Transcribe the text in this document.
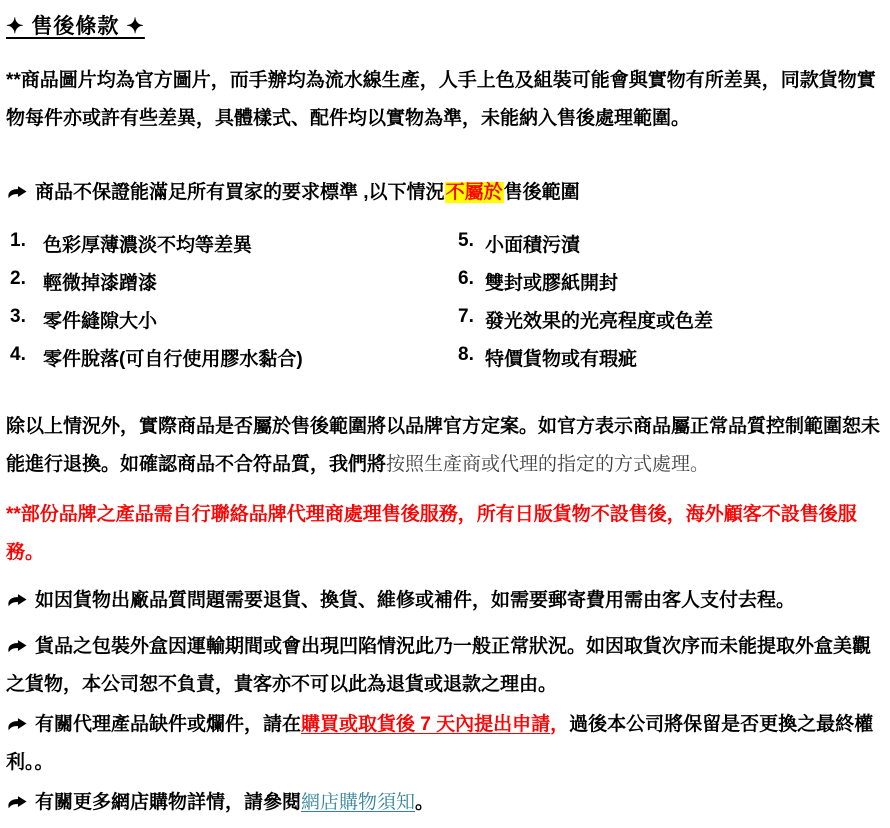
✦ 售後條款 ✦

**商品圖片均為官方圖片，而手辦均為流水線生產，人手上色及組裝可能會與實物有所差異，同款貨物實物每件亦或許有些差異，具體樣式、配件均以實物為準，未能納入售後處理範圍。

商品不保證能滿足所有買家的要求標準 ,以下情況不屬於售後範圍

1. 色彩厚薄濃淡不均等差異
2. 輕微掉漆蹭漆
3. 零件縫隙大小
4. 零件脫落(可自行使用膠水黏合)
5. 小面積污漬
6. 雙封或膠紙開封
7. 發光效果的光亮程度或色差
8. 特價貨物或有瑕疵

除以上情況外，實際商品是否屬於售後範圍將以品牌官方定案。如官方表示商品屬正常品質控制範圍恕未能進行退換。如確認商品不合符品質，我們將按照生產商或代理的指定的方式處理。

**部份品牌之產品需自行聯絡品牌代理商處理售後服務，所有日版貨物不設售後，海外顧客不設售後服務。

如因貨物出廠品質問題需要退貨、換貨、維修或補件，如需要郵寄費用需由客人支付去程。

貨品之包裝外盒因運輸期間或會出現凹陷情況此乃一般正常狀況。如因取貨次序而未能提取外盒美觀之貨物，本公司恕不負責，貴客亦不可以此為退貨或退款之理由。

有關代理產品缺件或爛件，請在購買或取貨後 7 天內提出申請，過後本公司將保留是否更換之最終權利。。

有關更多網店購物詳情，請參閱網店購物須知。
